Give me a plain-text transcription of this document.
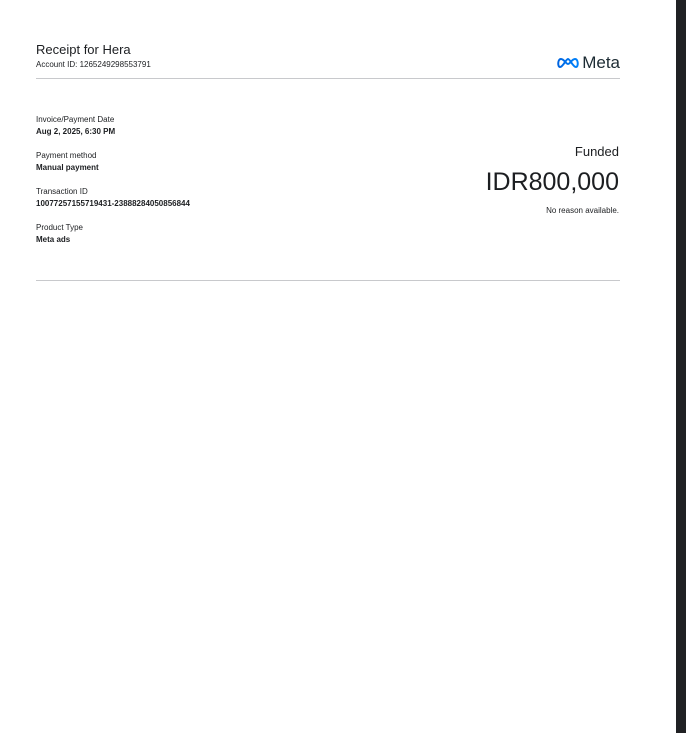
Receipt for Hera
Account ID: 1265249298553791	Meta
Invoice/Payment Date
Aug 2, 2025, 6:30 PM
Payment method
Manual payment
Transaction ID
10077257155719431-23888284050856844
Product Type
Meta ads
Funded
IDR800,000
No reason available.
